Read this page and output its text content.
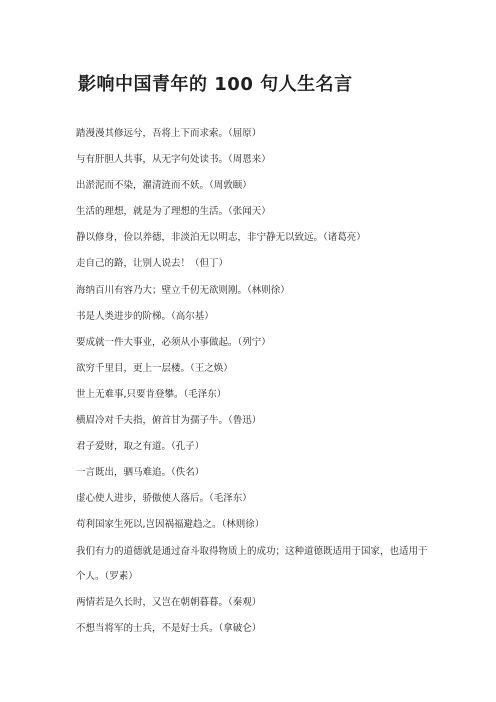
影响中国青年的 100 句人生名言
踏漫漫其修远兮，吾将上下而求索。（屈原）
与有肝胆人共事，从无字句处读书。（周恩来）
出淤泥而不染，濯清涟而不妖。（周敦颐）
生活的理想，就是为了理想的生活。（张闻天）
静以修身，俭以养德，非淡泊无以明志，非宁静无以致远。（诸葛亮）
走自己的路，让别人说去！（但丁）
海纳百川有容乃大；壁立千仞无欲则刚。（林则徐）
书是人类进步的阶梯。（高尔基）
要成就一件大事业，必须从小事做起。（列宁）
欲穷千里目，更上一层楼。（王之焕）
世上无难事,只要肯登攀。（毛泽东）
横眉冷对千夫指，俯首甘为孺子牛。（鲁迅）
君子爱财，取之有道。（孔子）
一言既出，驷马难追。（佚名）
虚心使人进步，骄傲使人落后。（毛泽东）
苟利国家生死以,岂因祸福避趋之。（林则徐）
我们有力的道德就是通过奋斗取得物质上的成功；这种道德既适用于国家，也适用于个人。（罗素）
两情若是久长时，又岂在朝朝暮暮。（秦观）
不想当将军的士兵，不是好士兵。（拿破仑）
